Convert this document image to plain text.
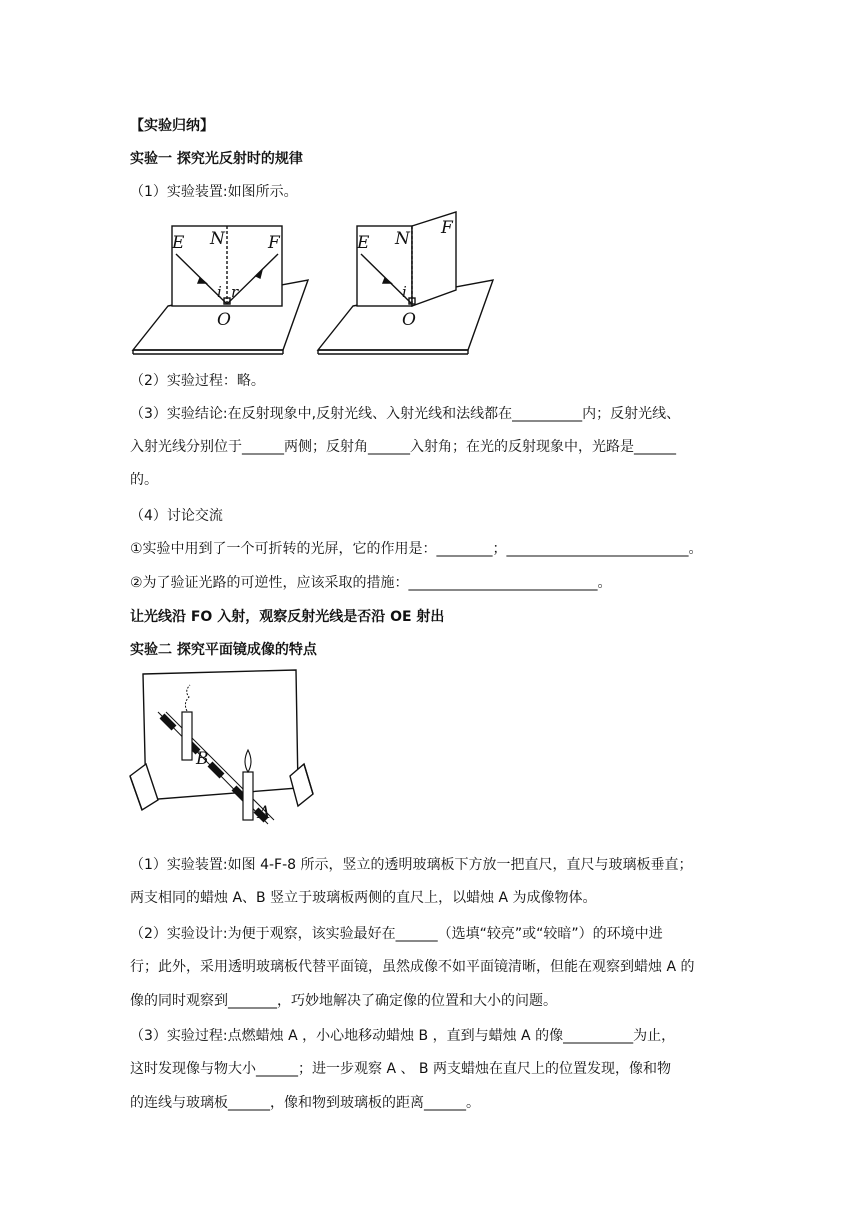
【实验归纳】
实验一 探究光反射时的规律
（1）实验装置:如图所示。
E N	F
i r
O
E N
F
i
O
（2）实验过程：略。
（3）实验结论:在反射现象中,反射光线、入射光线和法线都在__________内；反射光线、
入射光线分别位于______两侧；反射角______入射角；在光的反射现象中，光路是______
的。
（4）讨论交流
①实验中用到了一个可折转的光屏，它的作用是：________；__________________________。
②为了验证光路的可逆性，应该采取的措施：___________________________。
让光线沿 FO 入射，观察反射光线是否沿 OE 射出
实验二 探究平面镜成像的特点
B
A
（1）实验装置:如图 4-F-8 所示，竖立的透明玻璃板下方放一把直尺，直尺与玻璃板垂直；
两支相同的蜡烛 A、B 竖立于玻璃板两侧的直尺上，以蜡烛 A 为成像物体。
（2）实验设计:为便于观察，该实验最好在______（选填“较亮”或“较暗”）的环境中进
行；此外，采用透明玻璃板代替平面镜，虽然成像不如平面镜清晰，但能在观察到蜡烛 A 的
像的同时观察到_______，巧妙地解决了确定像的位置和大小的问题。
（3）实验过程:点燃蜡烛 A ，小心地移动蜡烛 B ，直到与蜡烛 A 的像__________为止，
这时发现像与物大小______；进一步观察 A 、 B 两支蜡烛在直尺上的位置发现，像和物
的连线与玻璃板______，像和物到玻璃板的距离______。
